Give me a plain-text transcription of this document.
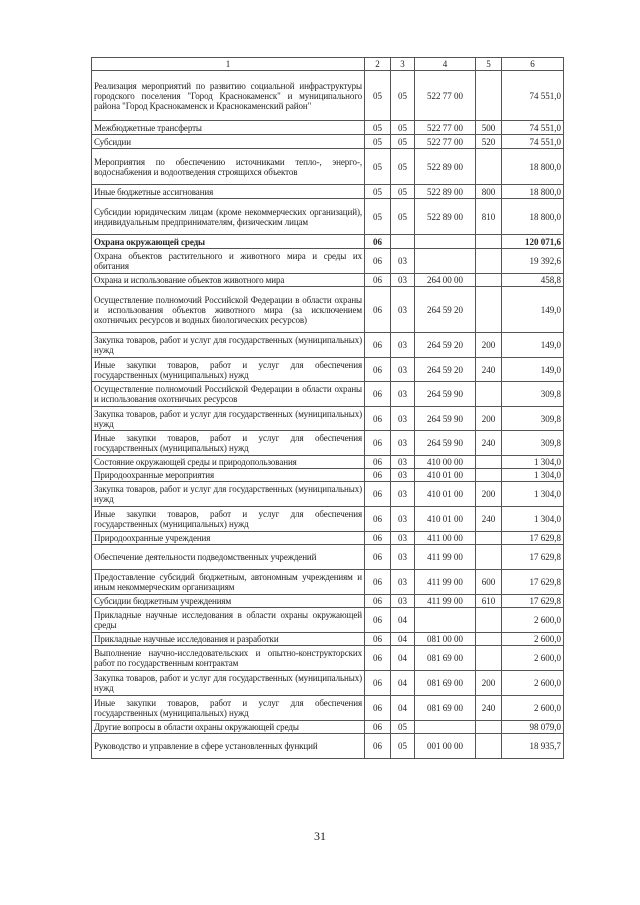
1	2	3	4	5	6
Реализация мероприятий по развитию социальной инфраструктуры городского поселения "Город Краснокаменск" и муниципального района "Город Краснокаменск и Краснокаменский район"	05	05	522 77 00		74 551,0
Межбюджетные трансферты	05	05	522 77 00	500	74 551,0
Субсидии	05	05	522 77 00	520	74 551,0
Мероприятия по обеспечению источниками тепло-, энерго-, водоснабжения и водоотведения строящихся объектов	05	05	522 89 00		18 800,0
Иные бюджетные ассигнования	05	05	522 89 00	800	18 800,0
Субсидии юридическим лицам (кроме некоммерческих организаций), индивидуальным предпринимателям, физическим лицам	05	05	522 89 00	810	18 800,0
Охрана окружающей среды	06				120 071,6
Охрана объектов растительного и животного мира и среды их обитания	06	03			19 392,6
Охрана и использование объектов животного мира	06	03	264 00 00		458,8
Осуществление полномочий Российской Федерации в области охраны и использования объектов животного мира (за исключением охотничьих ресурсов и водных биологических ресурсов)	06	03	264 59 20		149,0
Закупка товаров, работ и услуг для государственных (муниципальных) нужд	06	03	264 59 20	200	149,0
Иные закупки товаров, работ и услуг для обеспечения государственных (муниципальных) нужд	06	03	264 59 20	240	149,0
Осуществление полномочий Российской Федерации в области охраны и использования охотничьих ресурсов	06	03	264 59 90		309,8
Закупка товаров, работ и услуг для государственных (муниципальных) нужд	06	03	264 59 90	200	309,8
Иные закупки товаров, работ и услуг для обеспечения государственных (муниципальных) нужд	06	03	264 59 90	240	309,8
Состояние окружающей среды и природопользования	06	03	410 00 00		1 304,0
Природоохранные мероприятия	06	03	410 01 00		1 304,0
Закупка товаров, работ и услуг для государственных (муниципальных) нужд	06	03	410 01 00	200	1 304,0
Иные закупки товаров, работ и услуг для обеспечения государственных (муниципальных) нужд	06	03	410 01 00	240	1 304,0
Природоохранные учреждения	06	03	411 00 00		17 629,8
Обеспечение деятельности подведомственных учреждений	06	03	411 99 00		17 629,8
Предоставление субсидий бюджетным, автономным учреждениям и иным некоммерческим организациям	06	03	411 99 00	600	17 629,8
Субсидии бюджетным учреждениям	06	03	411 99 00	610	17 629,8
Прикладные научные исследования в области охраны окружающей среды	06	04			2 600,0
Прикладные научные исследования и разработки	06	04	081 00 00		2 600,0
Выполнение научно-исследовательских и опытно-конструкторских работ по государственным контрактам	06	04	081 69 00		2 600,0
Закупка товаров, работ и услуг для государственных (муниципальных) нужд	06	04	081 69 00	200	2 600,0
Иные закупки товаров, работ и услуг для обеспечения государственных (муниципальных) нужд	06	04	081 69 00	240	2 600,0
Другие вопросы в области охраны окружающей среды	06	05			98 079,0
Руководство и управление в сфере установленных функций	06	05	001 00 00		18 935,7
31
